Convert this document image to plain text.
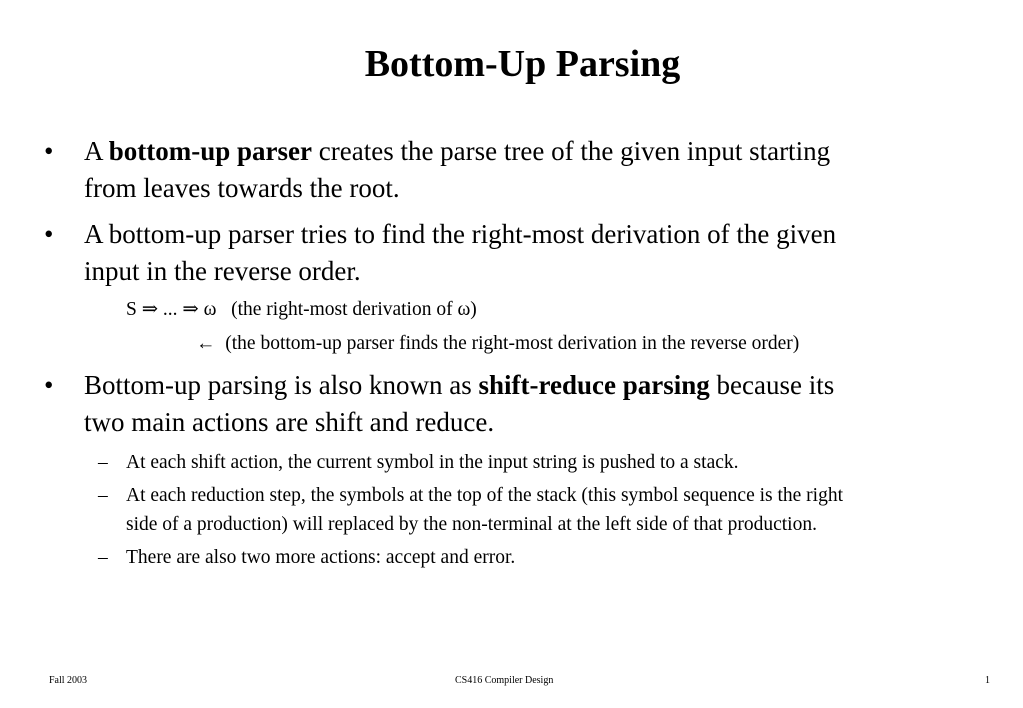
Bottom-Up Parsing
• A bottom-up parser creates the parse tree of the given input starting
from leaves towards the root.
• A bottom-up parser tries to find the right-most derivation of the given
input in the reverse order.
S ⇒ ... ⇒ ω   (the right-most derivation of ω)
←  (the bottom-up parser finds the right-most derivation in the reverse order)
• Bottom-up parsing is also known as shift-reduce parsing because its
two main actions are shift and reduce.
– At each shift action, the current symbol in the input string is pushed to a stack.
– At each reduction step, the symbols at the top of the stack (this symbol sequence is the right
side of a production) will replaced by the non-terminal at the left side of that production.
– There are also two more actions: accept and error.
Fall 2003	CS416 Compiler Design	1
